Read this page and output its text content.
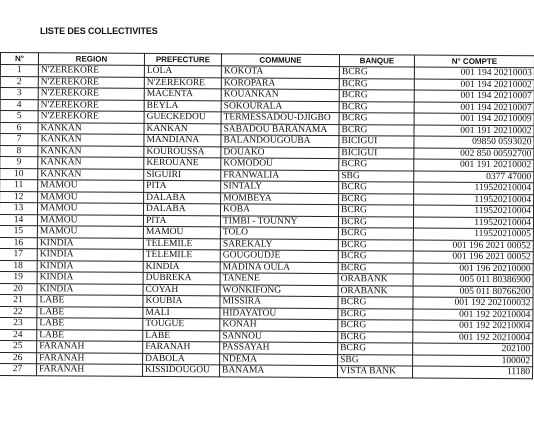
LISTE DES COLLECTIVITES
N°	REGION	PREFECTURE	COMMUNE	BANQUE	N° COMPTE
1	N'ZEREKORE	LOLA	KOKOTA	BCRG	001 194 20210003
2	N'ZEREKORE	N'ZEREKORE	KOROPARA	BCRG	001 194 20210002
3	N'ZEREKORE	MACENTA	KOUANKAN	BCRG	001 194 20210007
4	N'ZEREKORE	BEYLA	SOKOURALA	BCRG	001 194 20210007
5	N'ZEREKORE	GUECKEDOU	TERMESSADOU-DJIGBO	BCRG	001 194 20210009
6	KANKAN	KANKAN	SABADOU BARANAMA	BCRG	001 191 20210002
7	KANKAN	MANDIANA	BALANDOUGOUBA	BICIGUI	09850 0593020
8	KANKAN	KOUROUSSA	DOUAKO	BICIGUI	002 850 00592700
9	KANKAN	KEROUANE	KOMODOU	BCRG	001 191 20210002
10	KANKAN	SIGUIRI	FRANWALIA	SBG	0377 47000
11	MAMOU	PITA	SINTALY	BCRG	119520210004
12	MAMOU	DALABA	MOMBEYA	BCRG	119520210004
13	MAMOU	DALABA	KOBA	BCRG	119520210004
14	MAMOU	PITA	TIMBI - TOUNNY	BCRG	119520210004
15	MAMOU	MAMOU	TOLO	BCRG	119520210005
16	KINDIA	TELEMILE	SAREKALY	BCRG	001 196 2021 00052
17	KINDIA	TELEMILE	GOUGOUDJE	BCRG	001 196 2021 00052
18	KINDIA	KINDIA	MADINA OULA	BCRG	001 196 20210000
19	KINDIA	DUBREKA	TANENE	ORABANK	005 011 80386900
20	KINDIA	COYAH	WONKIFONG	ORABANK	005 011 80766200
21	LABE	KOUBIA	MISSIRA	BCRG	001 192 202100032
22	LABE	MALI	HIDAYATOU	BCRG	001 192 20210004
23	LABE	TOUGUE	KONAH	BCRG	001 192 20210004
24	LABE	LABE	SANNOU	BCRG	001 192 20210004
25	FARANAH	FARANAH	PASSAYAH	BCRG	202100
26	FARANAH	DABOLA	NDEMA	SBG	100002
27	FARANAH	KISSIDOUGOU	BANAMA	VISTA BANK	11180
